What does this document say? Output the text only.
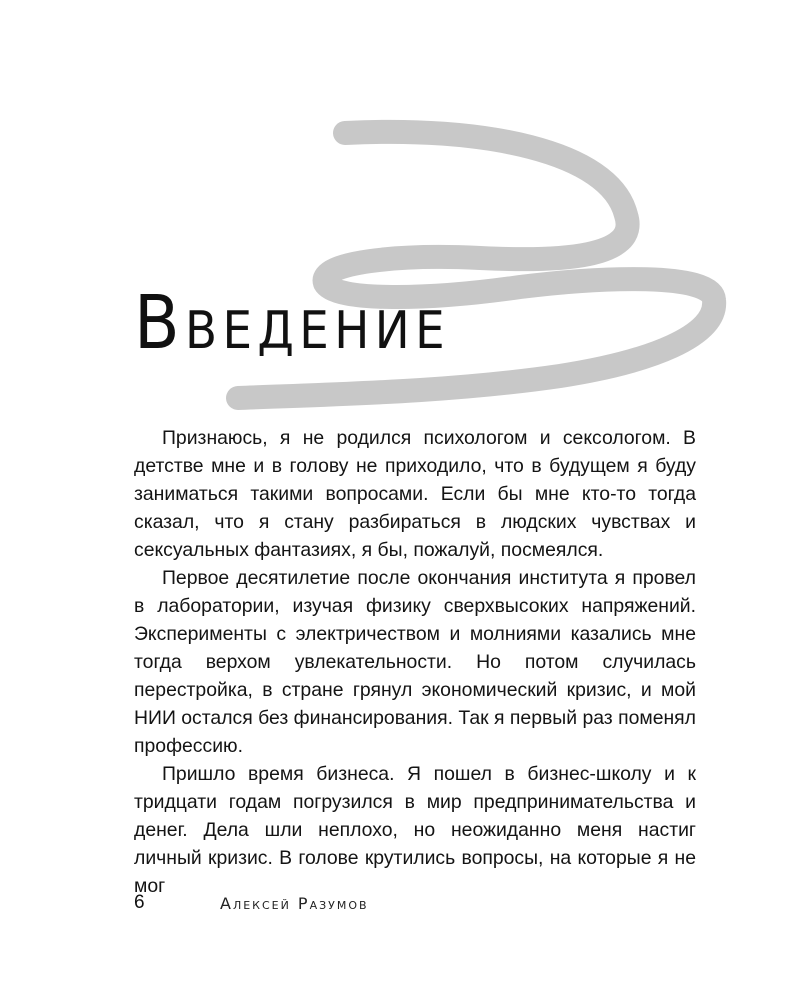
Введение

Признаюсь, я не родился психологом и сексологом. В детстве мне и в голову не приходило, что в будущем я буду заниматься такими вопросами. Если бы мне кто-то тогда сказал, что я стану разбираться в людских чувствах и сексуальных фантазиях, я бы, пожалуй, посмеялся.

Первое десятилетие после окончания института я провел в лаборатории, изучая физику сверхвысоких напряжений. Эксперименты с электричеством и молниями казались мне тогда верхом увлекательности. Но потом случилась перестройка, в стране грянул экономический кризис, и мой НИИ остался без финансирования. Так я первый раз поменял профессию.

Пришло время бизнеса. Я пошел в бизнес-школу и к тридцати годам погрузился в мир предпринимательства и денег. Дела шли неплохо, но неожиданно меня настиг личный кризис. В голове крутились вопросы, на которые я не мог

6	Алексей Разумов
